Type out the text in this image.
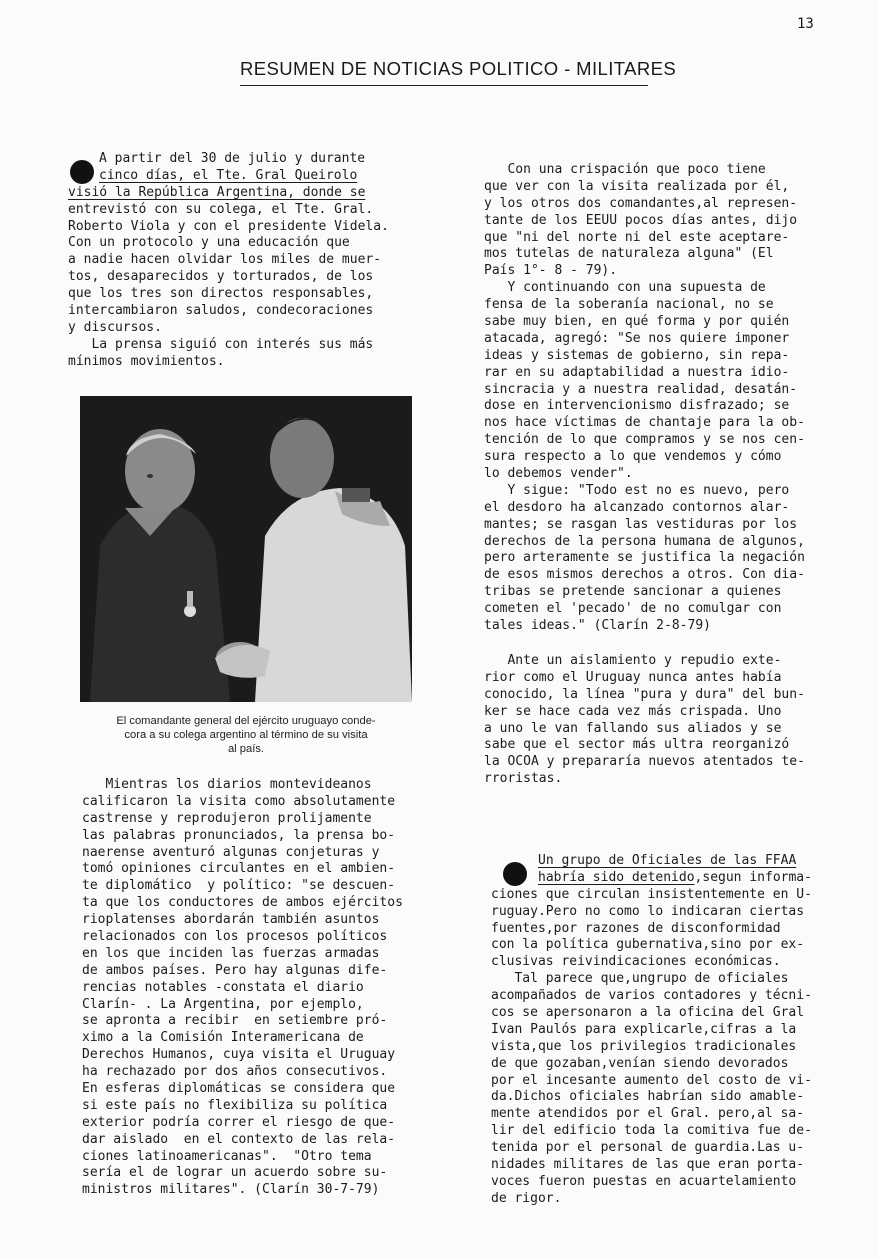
13
RESUMEN DE NOTICIAS POLITICO - MILITARES
A partir del 30 de julio y durante
cinco días, el Tte. Gral Queirolo
visió la República Argentina, donde se
entrevistó con su colega, el Tte. Gral.
Roberto Viola y con el presidente Videla.
Con un protocolo y una educación que
a nadie hacen olvidar los miles de muer-
tos, desaparecidos y torturados, de los
que los tres son directos responsables,
intercambiaron saludos, condecoraciones
y discursos.
La prensa siguió con interés sus más
mínimos movimientos.
El comandante general del ejército uruguayo conde-
cora a su colega argentino al término de su visita
al país.
Mientras los diarios montevideanos
calificaron la visita como absolutamente
castrense y reprodujeron prolijamente
las palabras pronunciados, la prensa bo-
naerense aventuró algunas conjeturas y
tomó opiniones circulantes en el ambien-
te diplomático  y político: "se descuen-
ta que los conductores de ambos ejércitos
rioplatenses abordarán también asuntos
relacionados con los procesos políticos
en los que inciden las fuerzas armadas
de ambos países. Pero hay algunas dife-
rencias notables -constata el diario
Clarín- . La Argentina, por ejemplo,
se apronta a recibir  en setiembre pró-
ximo a la Comisión Interamericana de
Derechos Humanos, cuya visita el Uruguay
ha rechazado por dos años consecutivos.
En esferas diplomáticas se considera que
si este país no flexibiliza su política
exterior podría correr el riesgo de que-
dar aislado  en el contexto de las rela-
ciones latinoamericanas".  "Otro tema
sería el de lograr un acuerdo sobre su-
ministros militares". (Clarín 30-7-79)
Con una crispación que poco tiene
que ver con la visita realizada por él,
y los otros dos comandantes,al represen-
tante de los EEUU pocos días antes, dijo
que "ni del norte ni del este aceptare-
mos tutelas de naturaleza alguna" (El
País 1°- 8 - 79).
Y continuando con una supuesta de
fensa de la soberanía nacional, no se
sabe muy bien, en qué forma y por quién
atacada, agregó: "Se nos quiere imponer
ideas y sistemas de gobierno, sin repa-
rar en su adaptabilidad a nuestra idio-
sincracia y a nuestra realidad, desatán-
dose en intervencionismo disfrazado; se
nos hace víctimas de chantaje para la ob-
tención de lo que compramos y se nos cen-
sura respecto a lo que vendemos y cómo
lo debemos vender".
Y sigue: "Todo est no es nuevo, pero
el desdoro ha alcanzado contornos alar-
mantes; se rasgan las vestiduras por los
derechos de la persona humana de algunos,
pero arteramente se justifica la negación
de esos mismos derechos a otros. Con dia-
tribas se pretende sancionar a quienes
cometen el 'pecado' de no comulgar con
tales ideas." (Clarín 2-8-79)
Ante un aislamiento y repudio exte-
rior como el Uruguay nunca antes había
conocido, la línea "pura y dura" del bun-
ker se hace cada vez más crispada. Uno
a uno le van fallando sus aliados y se
sabe que el sector más ultra reorganizó
la OCOA y prepararía nuevos atentados te-
rroristas.
Un grupo de Oficiales de las FFAA
habría sido detenido,segun informa-
ciones que circulan insistentemente en U-
ruguay.Pero no como lo indicaran ciertas
fuentes,por razones de disconformidad
con la política gubernativa,sino por ex-
clusivas reivindicaciones económicas.
Tal parece que,ungrupo de oficiales
acompañados de varios contadores y técni-
cos se apersonaron a la oficina del Gral
Ivan Paulós para explicarle,cifras a la
vista,que los privilegios tradicionales
de que gozaban,venían siendo devorados
por el incesante aumento del costo de vi-
da.Dichos oficiales habrían sido amable-
mente atendidos por el Gral. pero,al sa-
lir del edificio toda la comitiva fue de-
tenida por el personal de guardia.Las u-
nidades militares de las que eran porta-
voces fueron puestas en acuartelamiento
de rigor.
